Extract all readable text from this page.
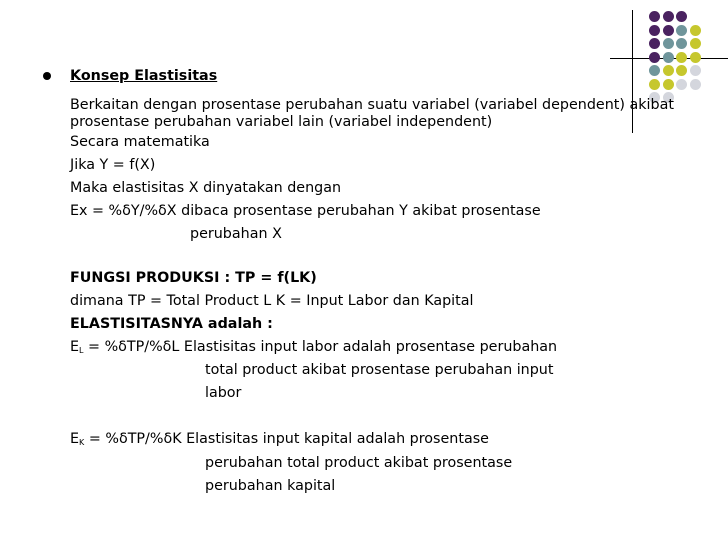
Konsep Elastisitas
Berkaitan dengan prosentase perubahan suatu variabel (variabel dependent) akibat
prosentase perubahan variabel lain (variabel independent)
Secara matematika
Jika Y = f(X)
Maka elastisitas X dinyatakan dengan
Ex = %δY/%δX dibaca prosentase perubahan Y akibat prosentase
perubahan X
FUNGSI PRODUKSI : TP = f(LK)
dimana TP = Total Product L K = Input Labor dan Kapital
ELASTISITASNYA adalah :
$E_L = \%\delta TP/\%\delta L$ Elastisitas input labor adalah prosentase perubahan
total product akibat prosentase perubahan input
labor
$E_K = \%\delta TP/\%\delta K$ Elastisitas input kapital adalah prosentase
perubahan total product akibat prosentase
perubahan kapital
